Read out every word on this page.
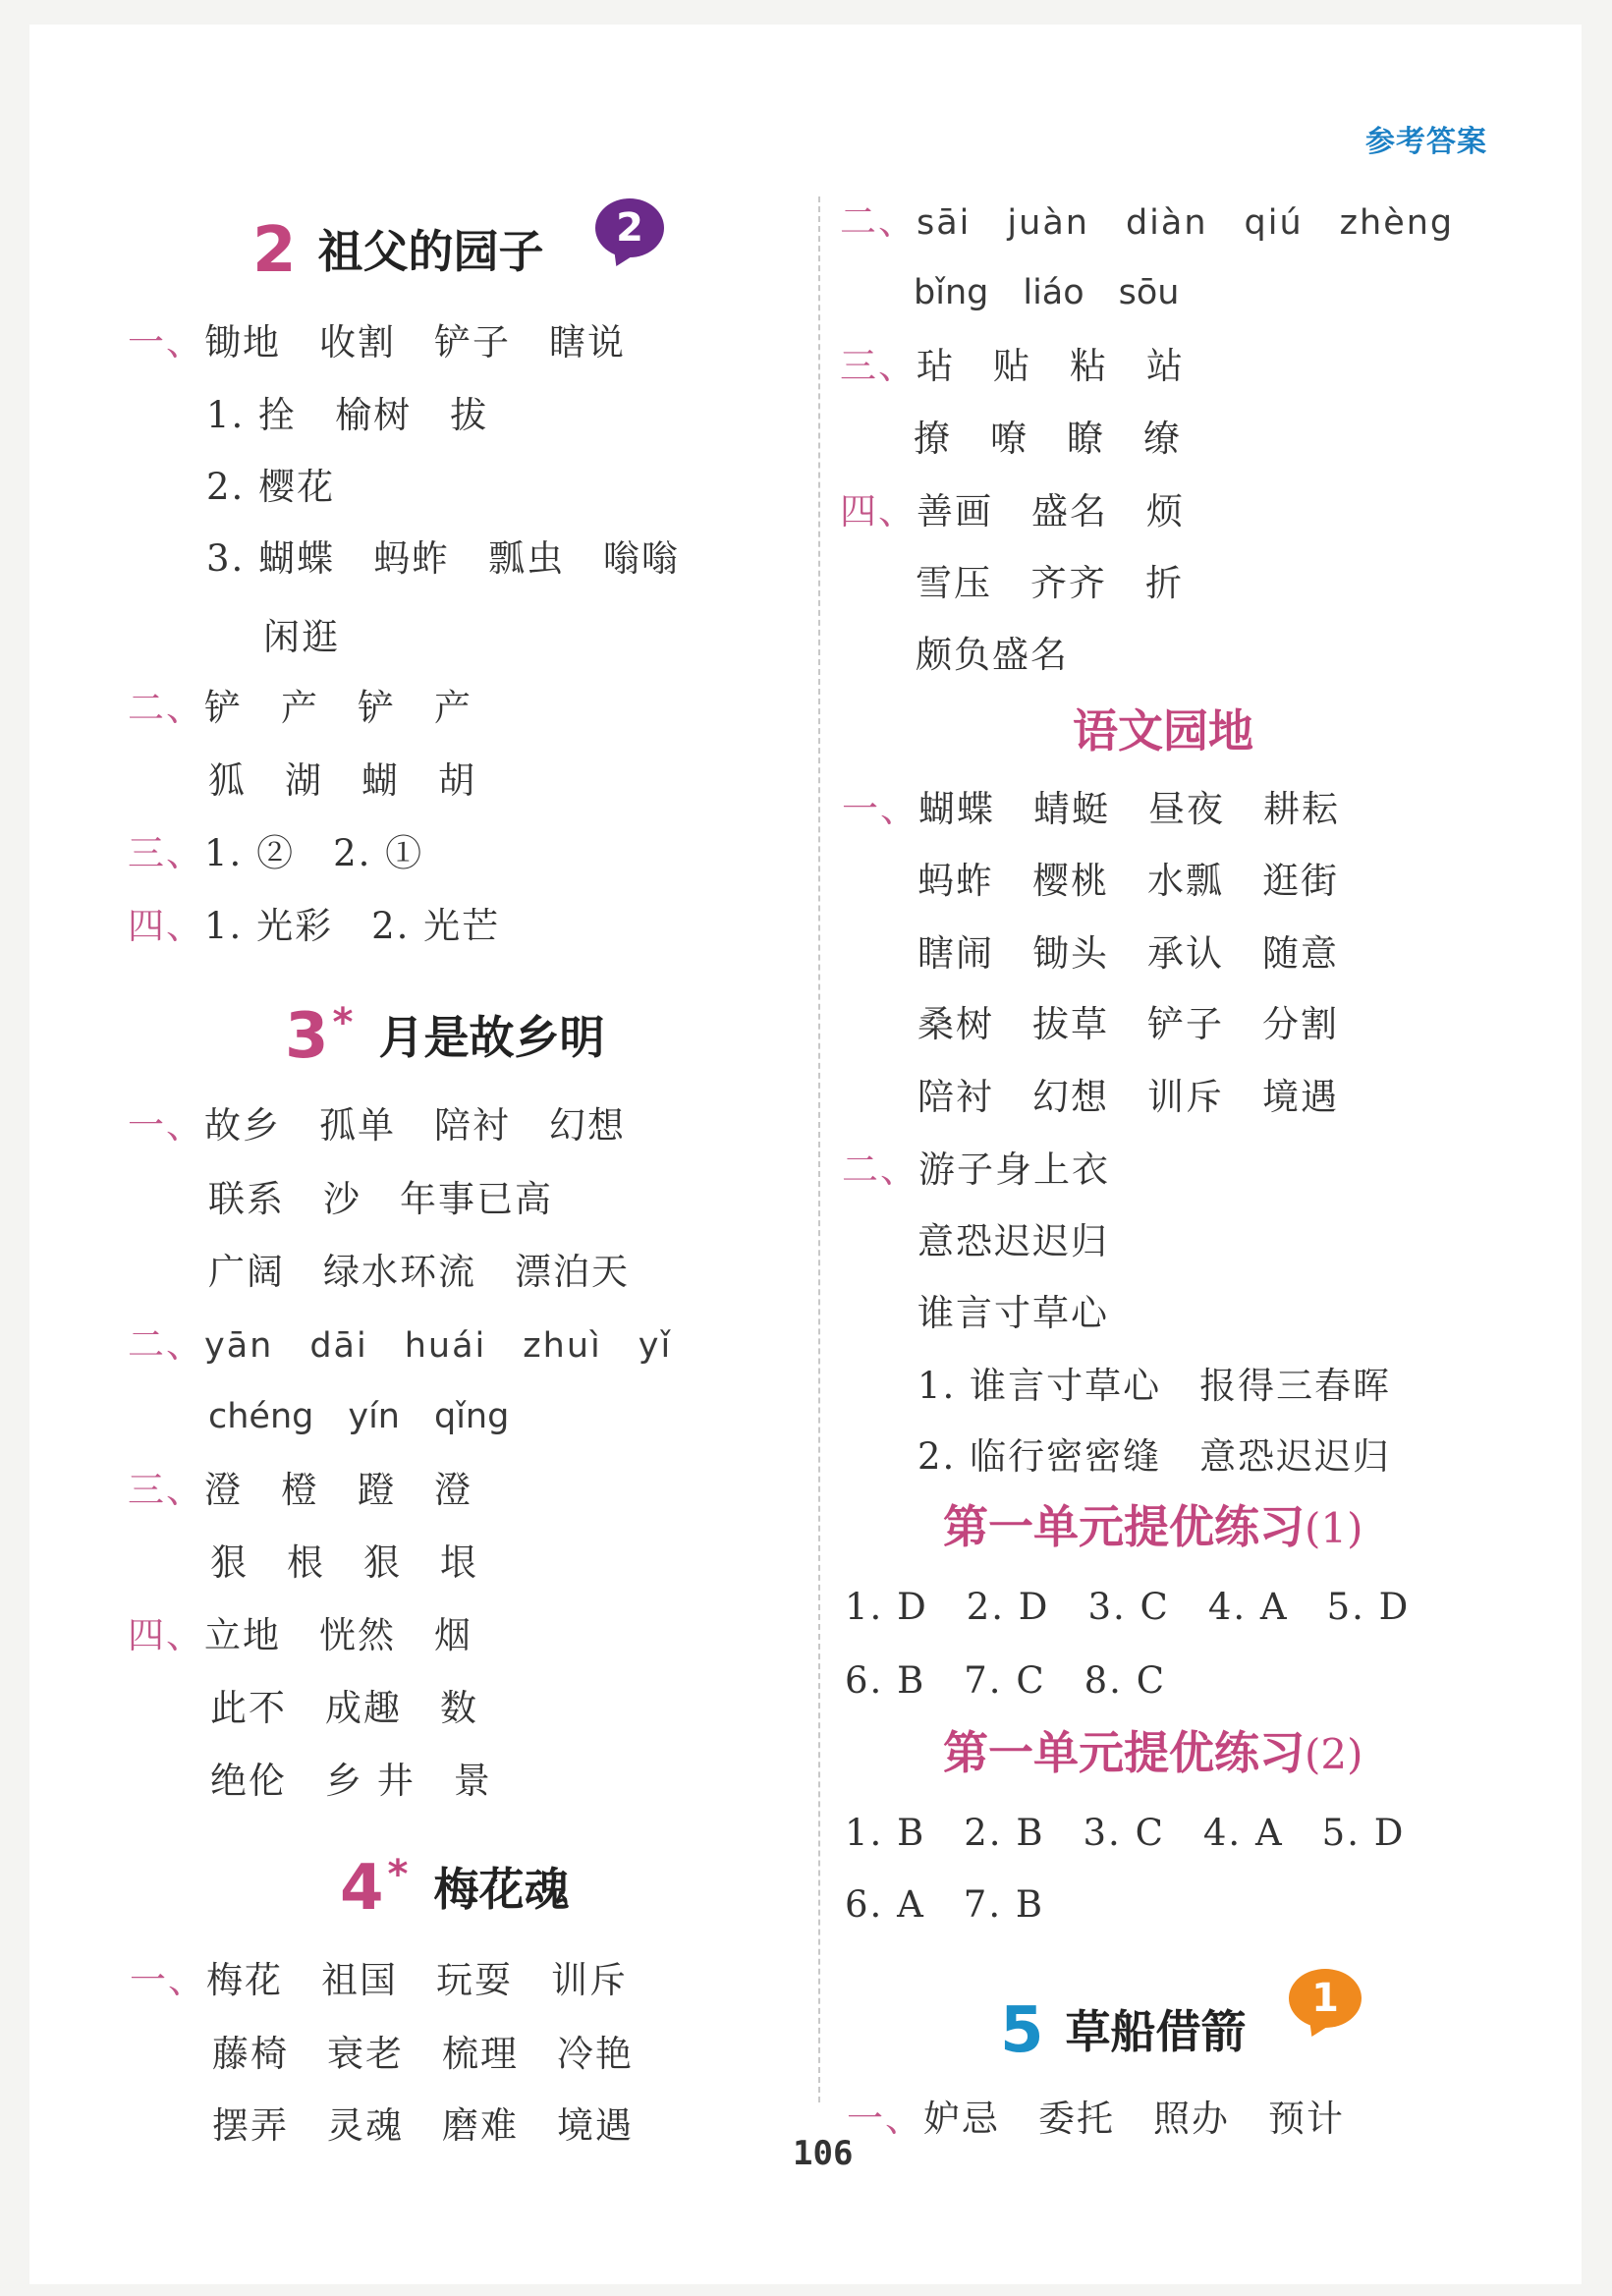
参考答案
2 祖父的园子	2
一、锄地　收割　铲子　瞎说
1. 拴　榆树　拔
2. 樱花
3. 蝴蝶　蚂蚱　瓢虫　嗡嗡
闲逛
二、铲　产　铲　产
狐　湖　蝴　胡
三、1. ②　2. ①
四、1. 光彩　2. 光芒
3 * 月是故乡明
一、故乡　孤单　陪衬　幻想
联系　沙　年事已高
广阔　绿水环流　漂泊天
二、yān　dāi　huái　zhuì　yǐ
chéng　yín　qǐng
三、澄　橙　蹬　澄
狠　根　狠　垠
四、立地　恍然　烟
此不　成趣　数
绝伦　乡 井　景
4 * 梅花魂
一、梅花　祖国　玩耍　训斥
藤椅　衰老　梳理　冷艳
摆弄　灵魂　磨难　境遇
二、sāi　juàn　diàn　qiú　zhèng
bǐng　liáo　sōu
三、玷　贴　粘　站
撩　嘹　瞭　缭
四、善画　盛名　烦
雪压　齐齐　折
颇负盛名
语文园地
一、蝴蝶　蜻蜓　昼夜　耕耘
蚂蚱　樱桃　水瓢　逛街
瞎闹　锄头　承认　随意
桑树　拔草　铲子　分割
陪衬　幻想　训斥　境遇
二、游子身上衣
意恐迟迟归
谁言寸草心
1. 谁言寸草心　报得三春晖
2. 临行密密缝　意恐迟迟归
第一单元提优练习(1)
1. D　2. D　3. C　4. A　5. D
6. B　7. C　8. C
第一单元提优练习(2)
1. B　2. B　3. C　4. A　5. D
6. A　7. B
5 草船借箭
1
一、妒忌　委托　照办　预计
106
